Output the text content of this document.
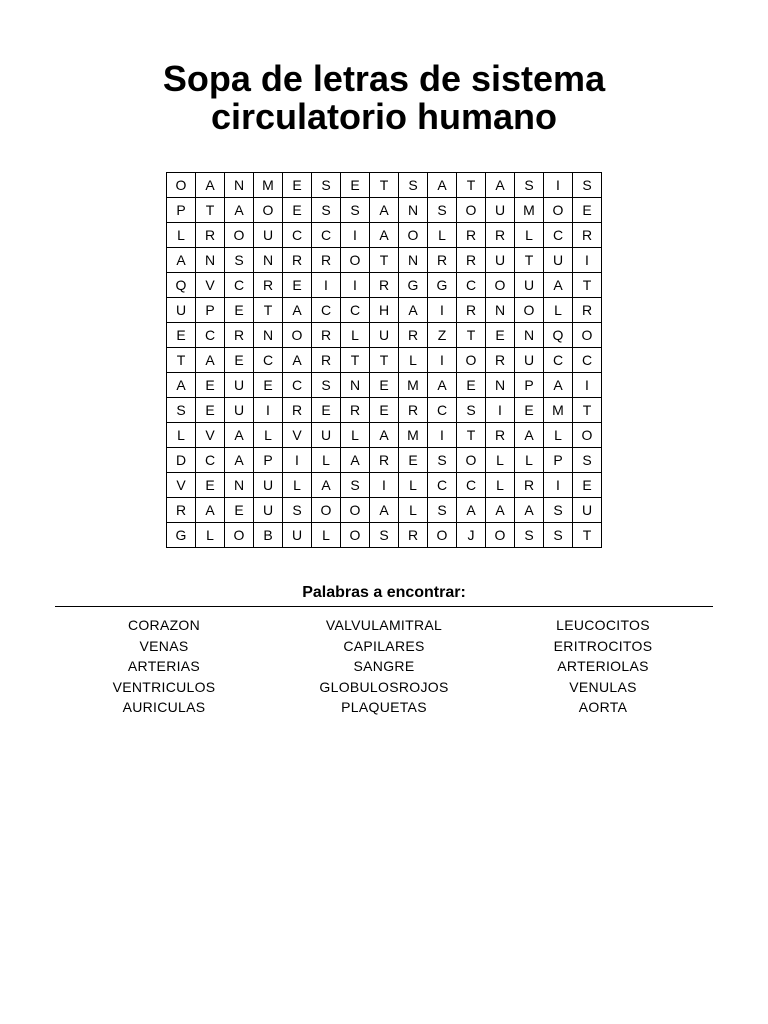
Sopa de letras de sistema
circulatorio humano
O	A	N	M	E	S	E	T	S	A	T	A	S	I	S
P	T	A	O	E	S	S	A	N	S	O	U	M	O	E
L	R	O	U	C	C	I	A	O	L	R	R	L	C	R
A	N	S	N	R	R	O	T	N	R	R	U	T	U	I
Q	V	C	R	E	I	I	R	G	G	C	O	U	A	T
U	P	E	T	A	C	C	H	A	I	R	N	O	L	R
E	C	R	N	O	R	L	U	R	Z	T	E	N	Q	O
T	A	E	C	A	R	T	T	L	I	O	R	U	C	C
A	E	U	E	C	S	N	E	M	A	E	N	P	A	I
S	E	U	I	R	E	R	E	R	C	S	I	E	M	T
L	V	A	L	V	U	L	A	M	I	T	R	A	L	O
D	C	A	P	I	L	A	R	E	S	O	L	L	P	S
V	E	N	U	L	A	S	I	L	C	C	L	R	I	E
R	A	E	U	S	O	O	A	L	S	A	A	A	S	U
G	L	O	B	U	L	O	S	R	O	J	O	S	S	T
Palabras a encontrar:
CORAZON
VENAS
ARTERIAS
VENTRICULOS
AURICULAS
VALVULAMITRAL
CAPILARES
SANGRE
GLOBULOSROJOS
PLAQUETAS
LEUCOCITOS
ERITROCITOS
ARTERIOLAS
VENULAS
AORTA
